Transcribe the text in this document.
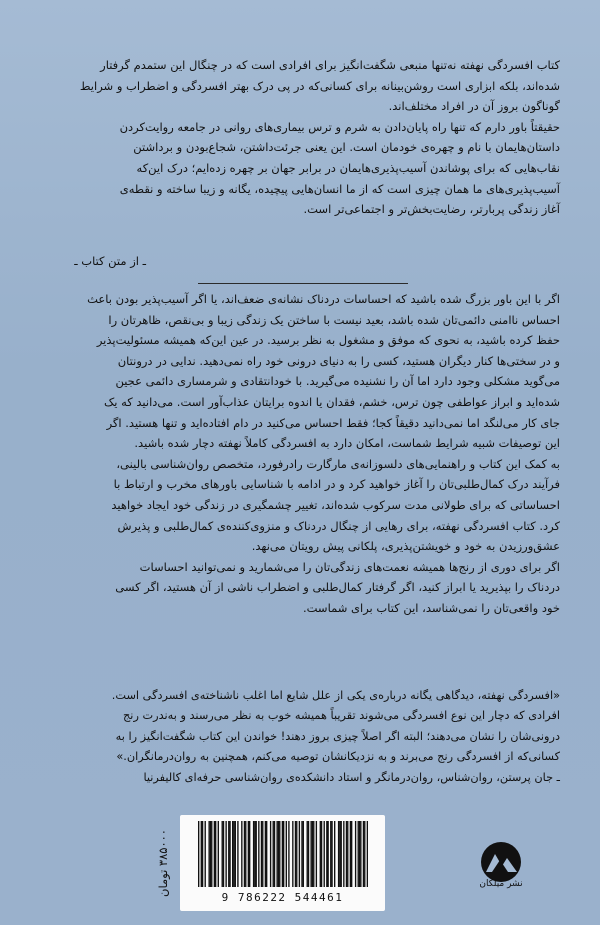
کتاب افسردگی نهفته نه‌تنها منبعی شگفت‌انگیز برای افرادی است که در چنگال این ستمدم گرفتار

شده‌اند، بلکه ابزاری است روشن‌بینانه برای کسانی‌که در پی درک بهتر افسردگی و اضطراب و شرایط

گوناگون بروز آن در افراد مختلف‌اند.

حقیقتاً باور دارم که تنها راه پایان‌دادن به شرم و ترس بیماری‌های روانی در جامعه روایت‌کردن

داستان‌هایمان با نام و چهره‌ی خودمان است. این یعنی جرئت‌داشتن، شجاع‌بودن و برداشتن

نقاب‌هایی که برای پوشاندن آسیب‌پذیری‌هایمان در برابر جهان بر چهره زده‌ایم؛ درک این‌که

آسیب‌پذیری‌های ما همان چیزی است که از ما انسان‌هایی پیچیده، یگانه و زیبا ساخته و نقطه‌ی

آغاز زندگی پربارتر، رضایت‌بخش‌تر و اجتماعی‌تر است.

ـ از متن کتاب ـ

اگر با این باور بزرگ شده باشید که احساسات دردناک نشانه‌ی ضعف‌اند، یا اگر آسیب‌پذیر بودن باعث

احساس ناامنی دائمی‌تان شده باشد، بعید نیست با ساختن یک زندگی زیبا و بی‌نقص، ظاهرتان را

حفظ کرده باشید، به نحوی که موفق و مشغول به نظر برسید. در عین این‌که همیشه مسئولیت‌پذیر

و در سختی‌ها کنار دیگران هستید، کسی را به دنیای درونی خود راه نمی‌دهید. ندایی در درونتان

می‌گوید مشکلی وجود دارد اما آن را نشنیده می‌گیرید. با خودانتقادی و شرمساری دائمی عجین

شده‌اید و ابراز عواطفی چون ترس، خشم، فقدان یا اندوه برایتان عذاب‌آور است. می‌دانید که یک

جای کار می‌لنگد اما نمی‌دانید دقیقاً کجا؛ فقط احساس می‌کنید در دام افتاده‌اید و تنها هستید. اگر

این توصیفات شبیه شرایط شماست، امکان دارد به افسردگی کاملاً نهفته دچار شده باشید.

به کمک این کتاب و راهنمایی‌های دلسوزانه‌ی مارگارت رادرفورد، متخصص روان‌شناسی بالینی،

فرآیند درک کمال‌طلبی‌تان را آغاز خواهید کرد و در ادامه با شناسایی باورهای مخرب و ارتباط با

احساساتی که برای طولانی مدت سرکوب شده‌اند، تغییر چشمگیری در زندگی خود ایجاد خواهید

کرد. کتاب افسردگی نهفته، برای رهایی از چنگال دردناک و منزوی‌کننده‌ی کمال‌طلبی و پذیرش

عشق‌ورزیدن به خود و خویشتن‌پذیری، پلکانی پیش رویتان می‌نهد.

اگر برای دوری از رنج‌ها همیشه نعمت‌های زندگی‌تان را می‌شمارید و نمی‌توانید احساسات

دردناک را بپذیرید یا ابراز کنید، اگر گرفتار کمال‌طلبی و اضطراب ناشی از آن هستید، اگر کسی

خود واقعی‌تان را نمی‌شناسد، این کتاب برای شماست.

«افسردگی نهفته، دیدگاهی یگانه درباره‌ی یکی از علل شایع اما اغلب ناشناخته‌ی افسردگی است.

افرادی که دچار این نوع افسردگی می‌شوند تقریباً همیشه خوب به نظر می‌رسند و به‌ندرت رنج

درونی‌شان را نشان می‌دهند؛ البته اگر اصلاً چیزی بروز دهند! خواندن این کتاب شگفت‌انگیز را به

کسانی‌که از افسردگی رنج می‌برند و به نزدیکانشان توصیه می‌کنم، همچنین به روان‌درمانگران.»

ـ جان پرستن، روان‌شناس، روان‌درمانگر و استاد دانشکده‌ی روان‌شناسی حرفه‌ای کالیفرنیا

۳۸۵۰۰۰ تومان
9 786222 544461
نشر میلکان
